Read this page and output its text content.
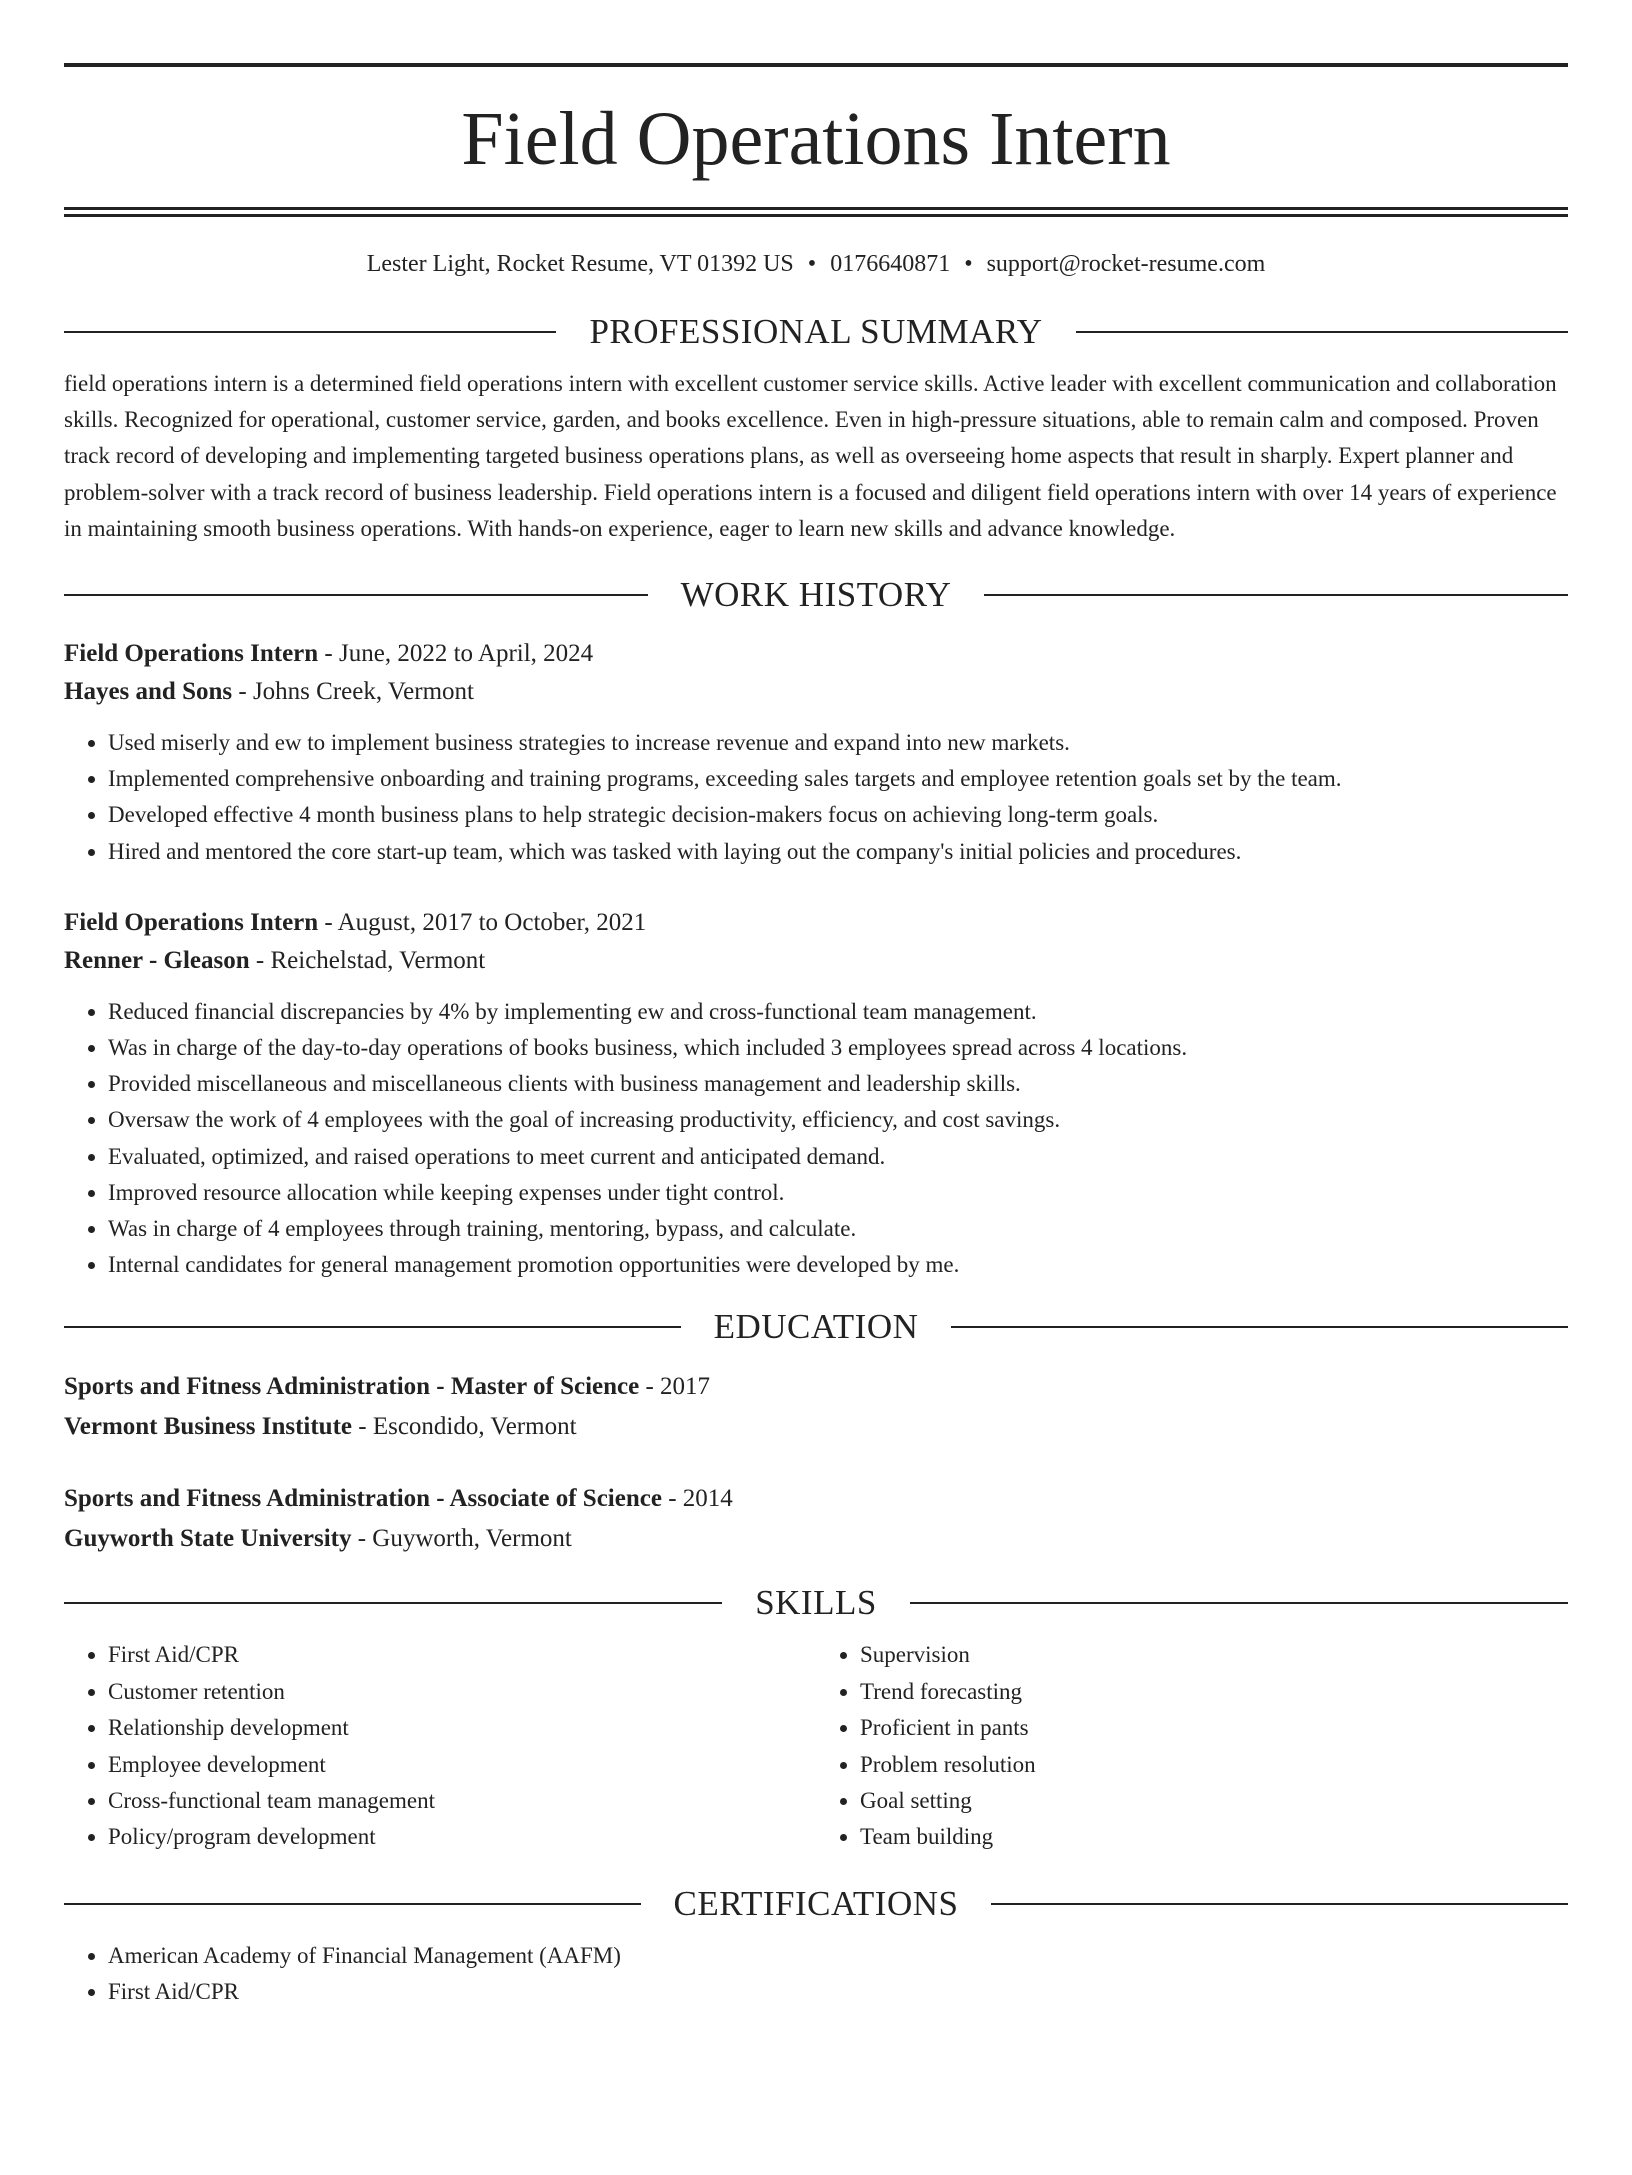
Field Operations Intern
Lester Light, Rocket Resume, VT 01392 US • 0176640871 • support@rocket-resume.com
PROFESSIONAL SUMMARY
field operations intern is a determined field operations intern with excellent customer service skills. Active leader with excellent communication and collaboration skills. Recognized for operational, customer service, garden, and books excellence. Even in high-pressure situations, able to remain calm and composed. Proven track record of developing and implementing targeted business operations plans, as well as overseeing home aspects that result in sharply. Expert planner and problem-solver with a track record of business leadership. Field operations intern is a focused and diligent field operations intern with over 14 years of experience in maintaining smooth business operations. With hands-on experience, eager to learn new skills and advance knowledge.
WORK HISTORY
Field Operations Intern - June, 2022 to April, 2024
Hayes and Sons - Johns Creek, Vermont
• Used miserly and ew to implement business strategies to increase revenue and expand into new markets.
• Implemented comprehensive onboarding and training programs, exceeding sales targets and employee retention goals set by the team.
• Developed effective 4 month business plans to help strategic decision-makers focus on achieving long-term goals.
• Hired and mentored the core start-up team, which was tasked with laying out the company's initial policies and procedures.
Field Operations Intern - August, 2017 to October, 2021
Renner - Gleason - Reichelstad, Vermont
• Reduced financial discrepancies by 4% by implementing ew and cross-functional team management.
• Was in charge of the day-to-day operations of books business, which included 3 employees spread across 4 locations.
• Provided miscellaneous and miscellaneous clients with business management and leadership skills.
• Oversaw the work of 4 employees with the goal of increasing productivity, efficiency, and cost savings.
• Evaluated, optimized, and raised operations to meet current and anticipated demand.
• Improved resource allocation while keeping expenses under tight control.
• Was in charge of 4 employees through training, mentoring, bypass, and calculate.
• Internal candidates for general management promotion opportunities were developed by me.
EDUCATION
Sports and Fitness Administration - Master of Science - 2017
Vermont Business Institute - Escondido, Vermont
Sports and Fitness Administration - Associate of Science - 2014
Guyworth State University - Guyworth, Vermont
SKILLS
• First Aid/CPR
• Customer retention
• Relationship development
• Employee development
• Cross-functional team management
• Policy/program development
• Supervision
• Trend forecasting
• Proficient in pants
• Problem resolution
• Goal setting
• Team building
CERTIFICATIONS
• American Academy of Financial Management (AAFM)
• First Aid/CPR
